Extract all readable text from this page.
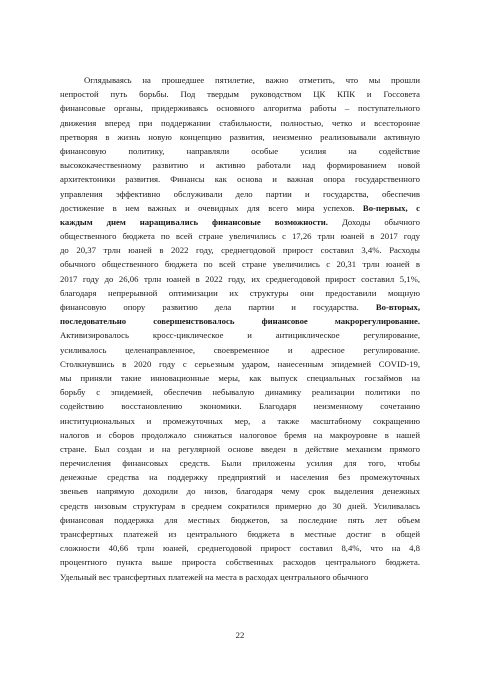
Оглядываясь на прошедшее пятилетие, важно отметить, что мы прошли
непростой путь борьбы. Под твердым руководством ЦК КПК и Госсовета
финансовые органы, придерживаясь основного алгоритма работы – поступательного
движения вперед при поддержании стабильности, полностью, четко и всесторонне
претворяя в жизнь новую концепцию развития, неизменно реализовывали активную
финансовую политику, направляли особые усилия на содействие
высококачественному развитию и активно работали над формированием новой
архитектоники развития. Финансы как основа и важная опора государственного
управления эффективно обслуживали дело партии и государства, обеспечив
достижение в нем важных и очевидных для всего мира успехов. Во-первых, с
каждым днем наращивались финансовые возможности. Доходы обычного
общественного бюджета по всей стране увеличились с 17,26 трлн юаней в 2017 году
до 20,37 трлн юаней в 2022 году, среднегодовой прирост составил 3,4%. Расходы
обычного общественного бюджета по всей стране увеличились с 20,31 трлн юаней в
2017 году до 26,06 трлн юаней в 2022 году, их среднегодовой прирост составил 5,1%,
благодаря непрерывной оптимизации их структуры они предоставили мощную
финансовую опору развитию дела партии и государства. Во-вторых,
последовательно совершенствовалось финансовое макрорегулирование.
Активизировалось кросс-циклическое и антициклическое регулирование,
усиливалось целенаправленное, своевременное и адресное регулирование.
Столкнувшись в 2020 году с серьезным ударом, нанесенным эпидемией COVID-19,
мы приняли такие инновационные меры, как выпуск специальных госзаймов на
борьбу с эпидемией, обеспечив небывалую динамику реализации политики по
содействию восстановлению экономики. Благодаря неизменному сочетанию
институциональных и промежуточных мер, а также масштабному сокращению
налогов и сборов продолжало снижаться налоговое бремя на макроуровне в нашей
стране. Был создан и на регулярной основе введен в действие механизм прямого
перечисления финансовых средств. Были приложены усилия для того, чтобы
денежные средства на поддержку предприятий и населения без промежуточных
звеньев напрямую доходили до низов, благодаря чему срок выделения денежных
средств низовым структурам в среднем сократился примерно до 30 дней. Усиливалась
финансовая поддержка для местных бюджетов, за последние пять лет объем
трансфертных платежей из центрального бюджета в местные достиг в общей
сложности 40,66 трлн юаней, среднегодовой прирост составил 8,4%, что на 4,8
процентного пункта выше прироста собственных расходов центрального бюджета.
Удельный вес трансфертных платежей на места в расходах центрального обычного
22
